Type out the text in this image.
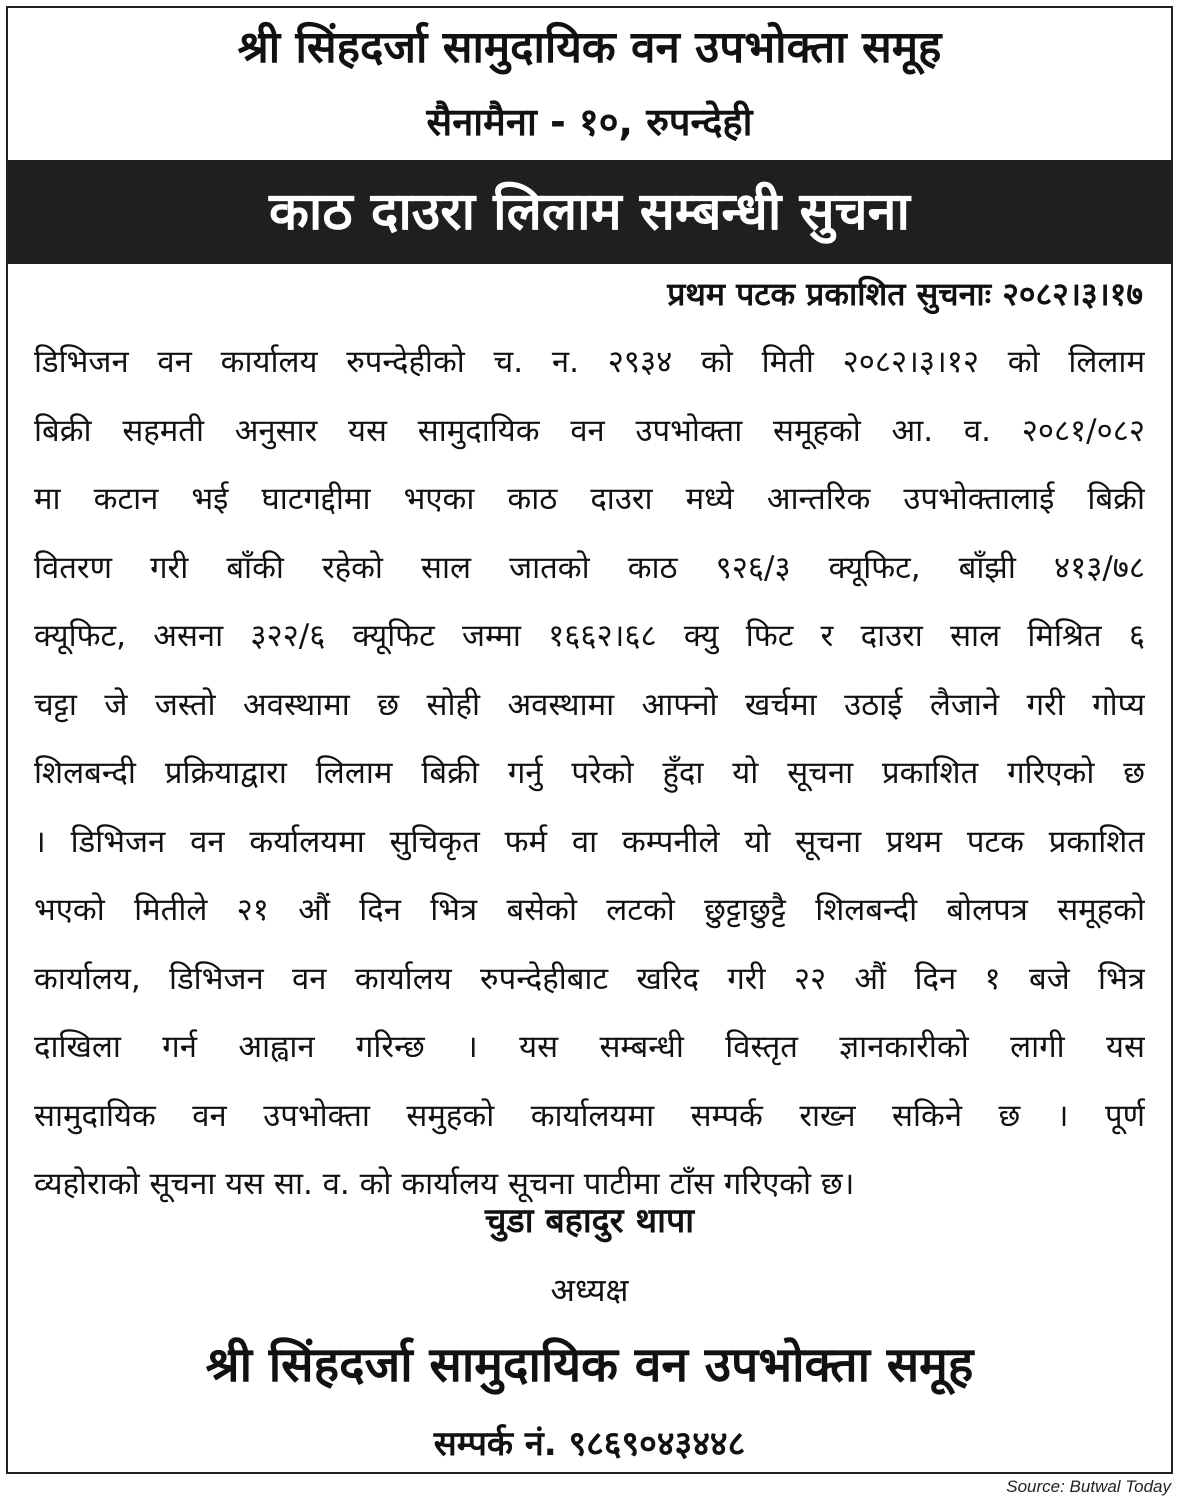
श्री सिंहदर्जा सामुदायिक वन उपभोक्ता समूह
सैनामैना - १०, रुपन्देही
काठ दाउरा लिलाम सम्बन्धी सुचना
प्रथम पटक प्रकाशित सुचनाः २०८२।३।१७
डिभिजन वन कार्यालय रुपन्देहीको च. न. २९३४ को मिती २०८२।३।१२ को लिलाम
बिक्री सहमती अनुसार यस सामुदायिक वन उपभोक्ता समूहको आ. व. २०८१/०८२
मा कटान भई घाटगद्दीमा भएका काठ दाउरा मध्ये आन्तरिक उपभोक्तालाई बिक्री
वितरण गरी बाँकी रहेको साल जातको काठ ९२६/३ क्यूफिट, बाँझी ४१३/७८
क्यूफिट, असना ३२२/६ क्यूफिट जम्मा १६६२।६८ क्यु फिट र दाउरा साल मिश्रित ६
चट्टा जे जस्तो अवस्थामा छ सोही अवस्थामा आफ्नो खर्चमा उठाई लैजाने गरी गोप्य
शिलबन्दी प्रक्रियाद्वारा लिलाम बिक्री गर्नु परेको हुँदा यो सूचना प्रकाशित गरिएको छ
। डिभिजन वन कर्यालयमा सुचिकृत फर्म वा कम्पनीले यो सूचना प्रथम पटक प्रकाशित
भएको मितीले २१ औं दिन भित्र बसेको लटको छुट्टाछुट्टै शिलबन्दी बोलपत्र समूहको
कार्यालय, डिभिजन वन कार्यालय रुपन्देहीबाट खरिद गरी २२ औं दिन १ बजे भित्र
दाखिला गर्न आह्वान गरिन्छ । यस सम्बन्धी विस्तृत ज्ञानकारीको लागी यस
सामुदायिक वन उपभोक्ता समुहको कार्यालयमा सम्पर्क राख्न सकिने छ । पूर्ण
व्यहोराको सूचना यस सा. व. को कार्यालय सूचना पाटीमा टाँस गरिएको छ।
चुडा बहादुर थापा
अध्यक्ष
श्री सिंहदर्जा सामुदायिक वन उपभोक्ता समूह
सम्पर्क नं. ९८६९०४३४४८
Source: Butwal Today
